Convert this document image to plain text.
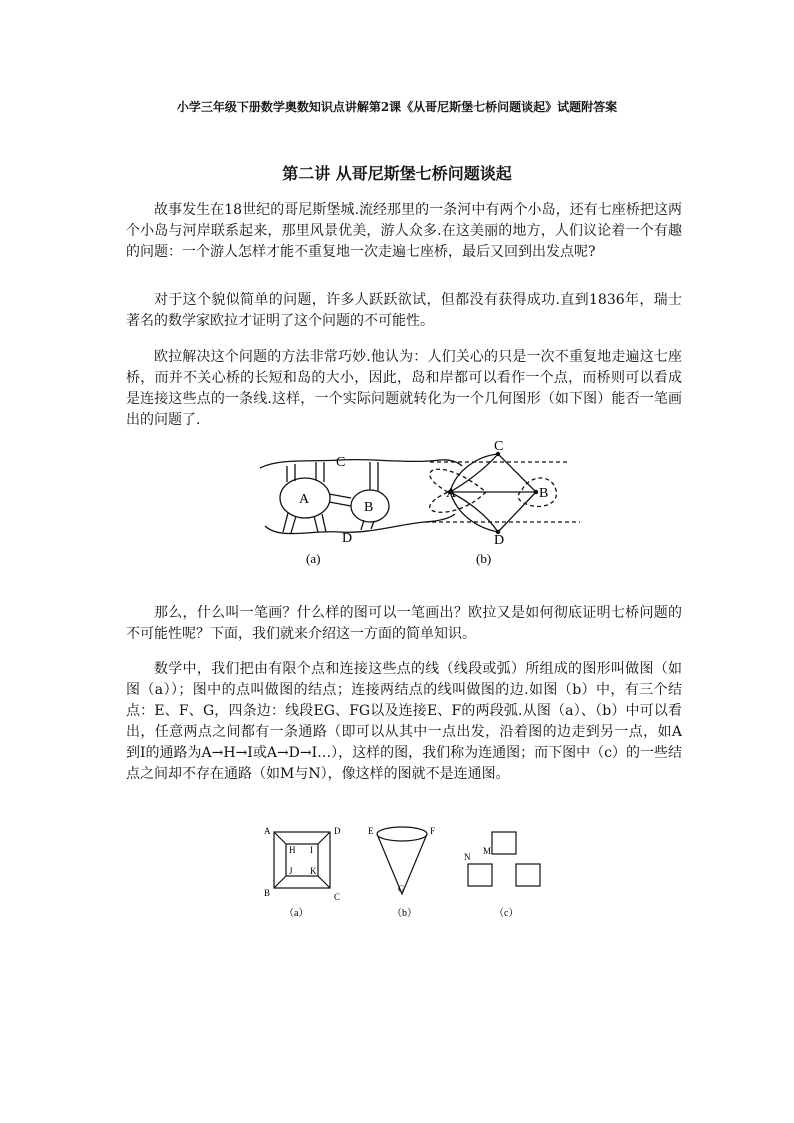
小学三年级下册数学奥数知识点讲解第2课《从哥尼斯堡七桥问题谈起》试题附答案
第二讲 从哥尼斯堡七桥问题谈起

故事发生在18世纪的哥尼斯堡城.流经那里的一条河中有两个小岛，还有七座桥把这两个小岛与河岸联系起来，那里风景优美，游人众多.在这美丽的地方，人们议论着一个有趣的问题：一个游人怎样才能不重复地一次走遍七座桥，最后又回到出发点呢?

对于这个貌似简单的问题，许多人跃跃欲试，但都没有获得成功.直到1836年，瑞士著名的数学家欧拉才证明了这个问题的不可能性。

欧拉解决这个问题的方法非常巧妙.他认为：人们关心的只是一次不重复地走遍这七座桥，而并不关心桥的长短和岛的大小，因此，岛和岸都可以看作一个点，而桥则可以看成是连接这些点的一条线.这样，一个实际问题就转化为一个几何图形（如下图）能否一笔画出的问题了.

A
B
C
D
(a)
A	B
C
D
(b)

那么，什么叫一笔画？什么样的图可以一笔画出？欧拉又是如何彻底证明七桥问题的不可能性呢？下面，我们就来介绍这一方面的简单知识。

数学中，我们把由有限个点和连接这些点的线（线段或弧）所组成的图形叫做图（如图（a））；图中的点叫做图的结点；连接两结点的线叫做图的边.如图（b）中，有三个结点：E、F、G，四条边：线段EG、FG以及连接E、F的两段弧.从图（a）、（b）中可以看出，任意两点之间都有一条通路（即可以从其中一点出发，沿着图的边走到另一点，如A到I的通路为A→H→I或A→D→I…），这样的图，我们称为连通图；而下图中（c）的一些结点之间却不存在通路（如M与N），像这样的图就不是连通图。

A	D
B	C
H I
J K
（a）
E	F
G
（b）
M
N
（c）
